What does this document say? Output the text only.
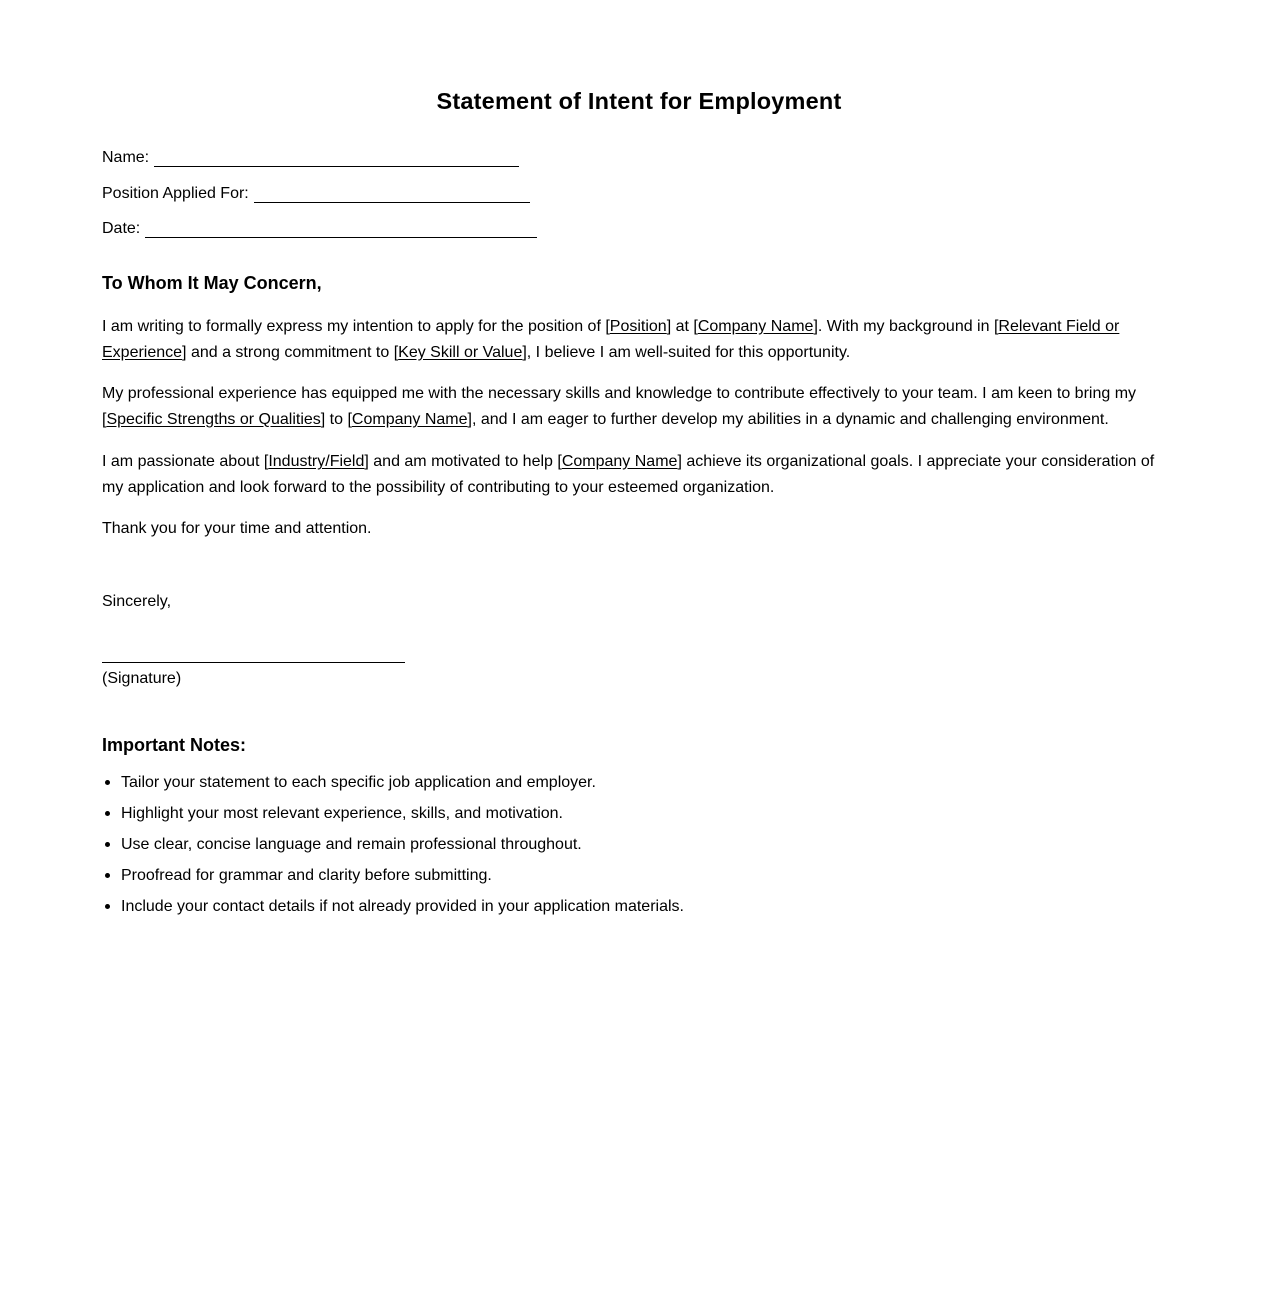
Statement of Intent for Employment
Name:
Position Applied For:
Date:
To Whom It May Concern,

I am writing to formally express my intention to apply for the position of [Position] at [Company Name]. With my background in [Relevant Field or Experience] and a strong commitment to [Key Skill or Value], I believe I am well-suited for this opportunity.

My professional experience has equipped me with the necessary skills and knowledge to contribute effectively to your team. I am keen to bring my [Specific Strengths or Qualities] to [Company Name], and I am eager to further develop my abilities in a dynamic and challenging environment.

I am passionate about [Industry/Field] and am motivated to help [Company Name] achieve its organizational goals. I appreciate your consideration of my application and look forward to the possibility of contributing to your esteemed organization.

Thank you for your time and attention.

Sincerely,

(Signature)
Important Notes:
Tailor your statement to each specific job application and employer.
Highlight your most relevant experience, skills, and motivation.
Use clear, concise language and remain professional throughout.
Proofread for grammar and clarity before submitting.
Include your contact details if not already provided in your application materials.
